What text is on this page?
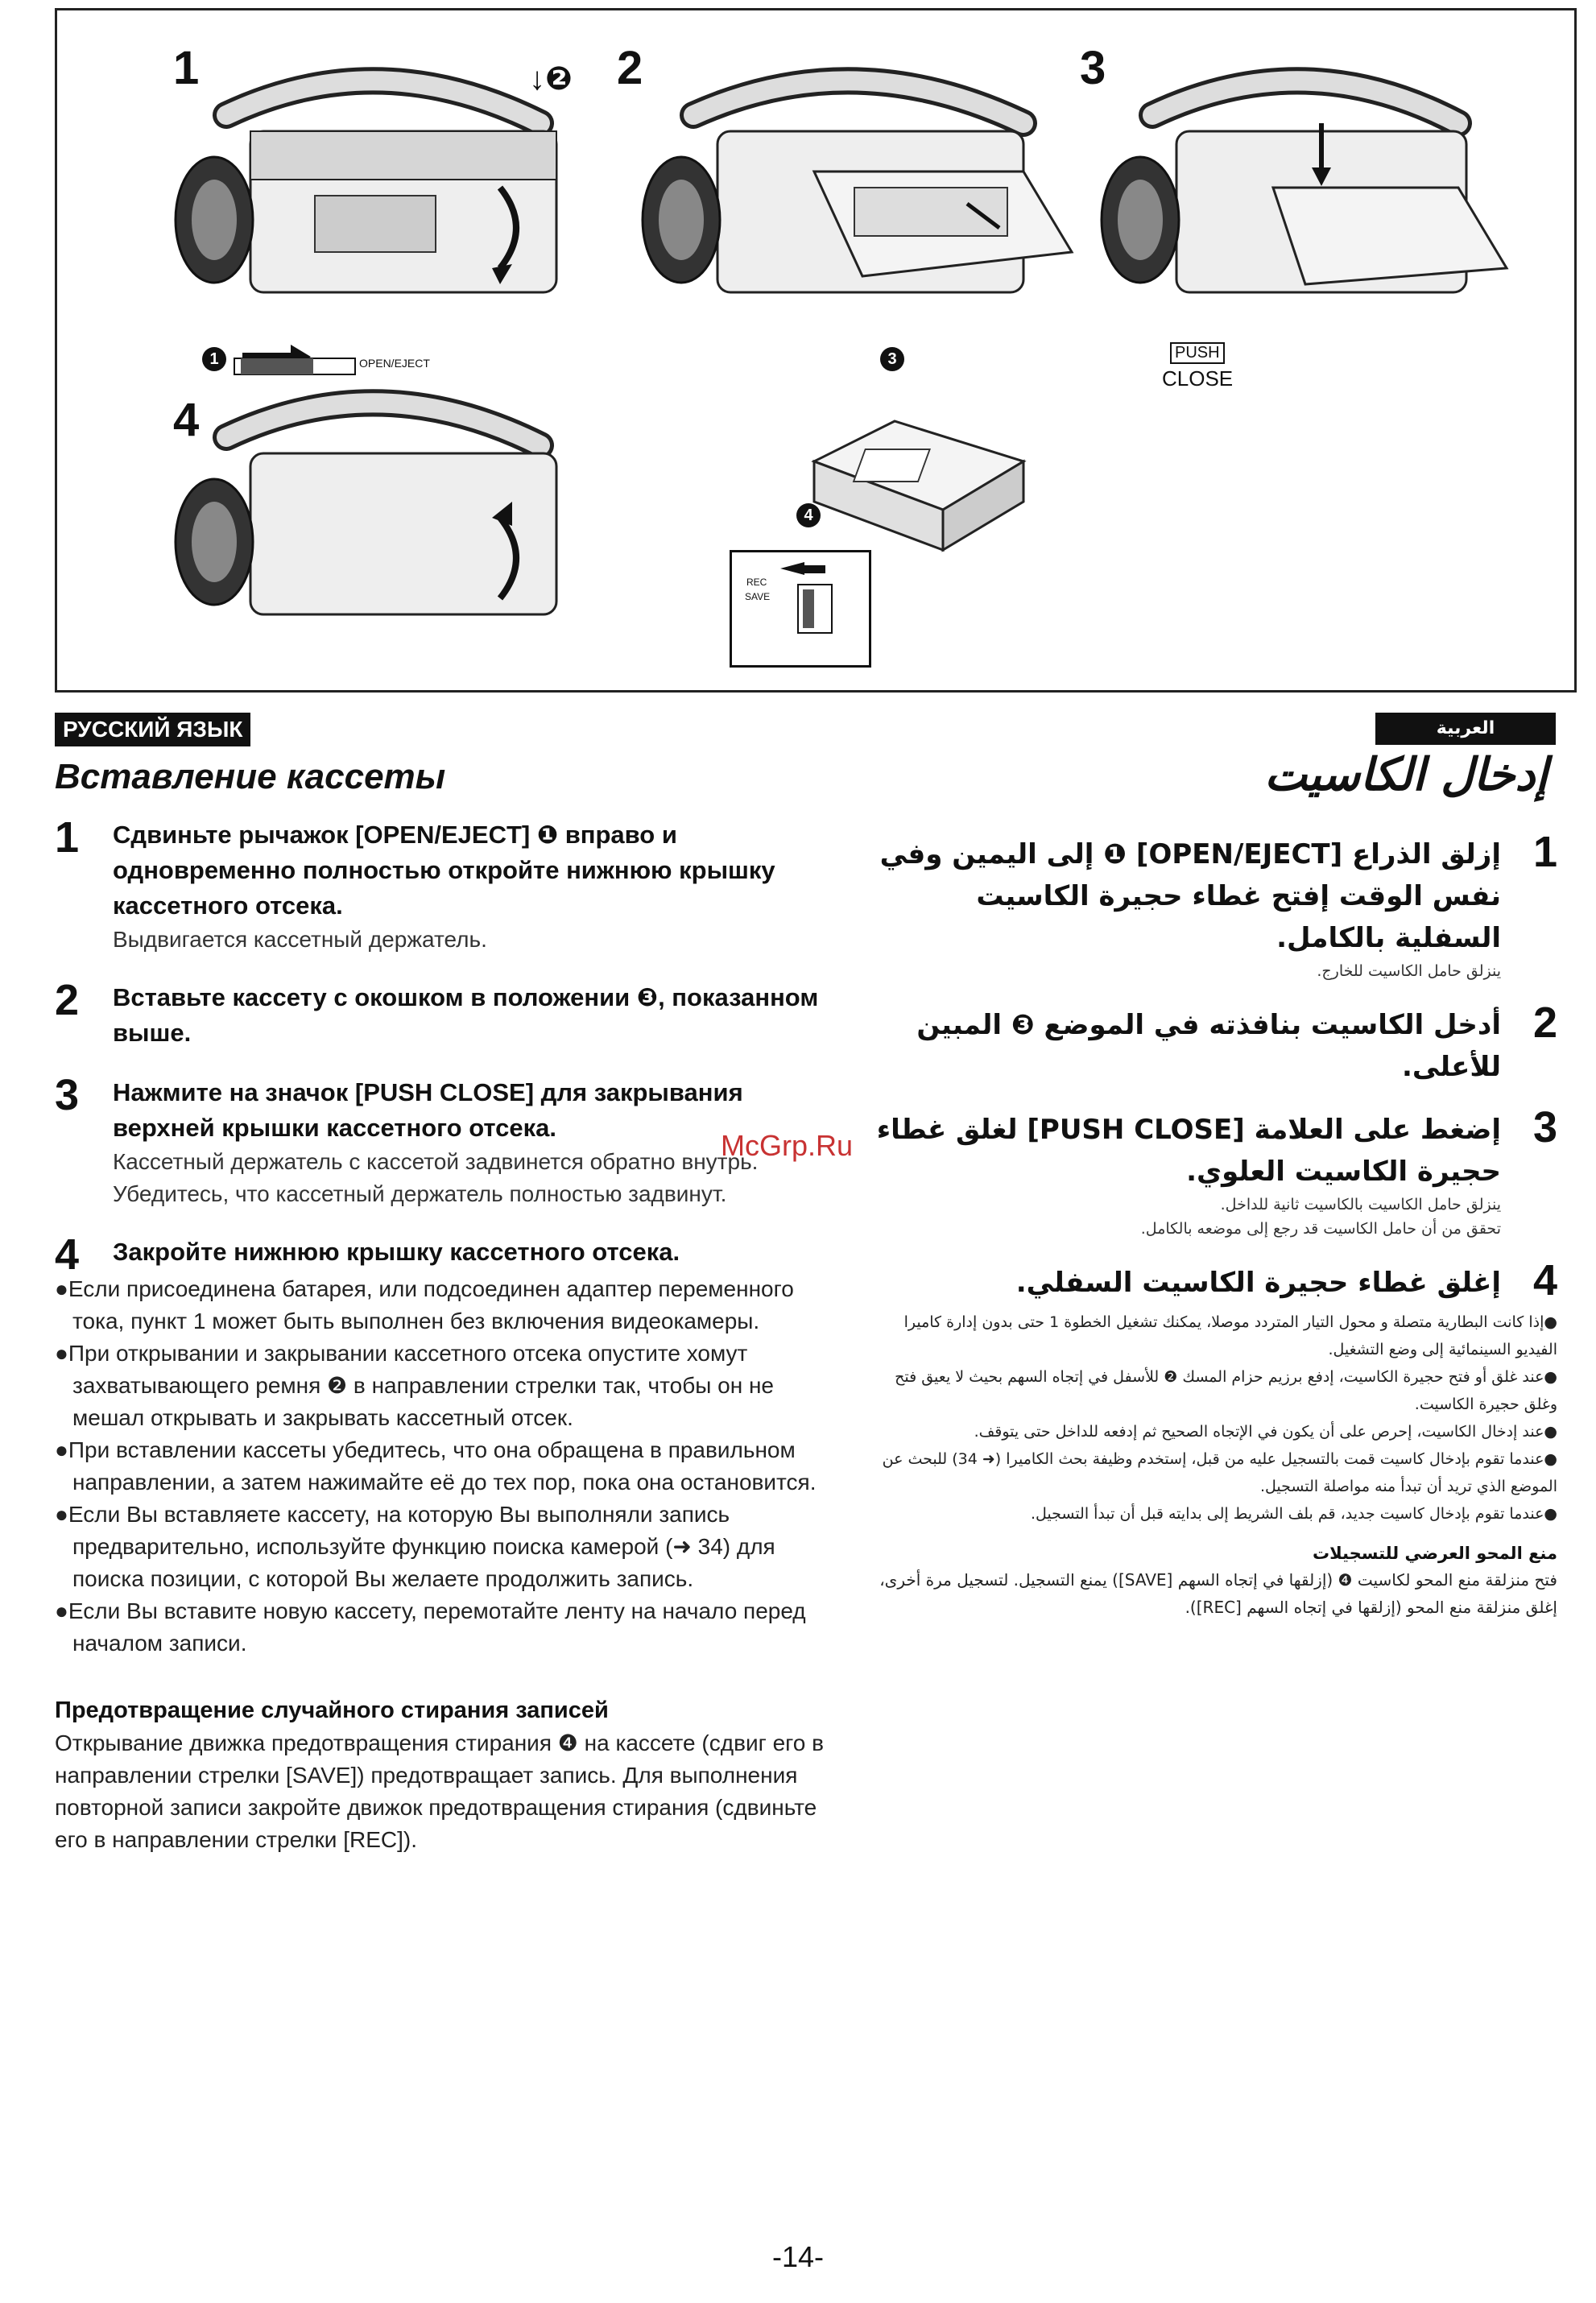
1	2	3
4
↓❷
1	OPEN/EJECT	3	PUSH
CLOSE
4
REC
SAVE
РУССКИЙ ЯЗЫК	العربية
Вставление кассеты	إدخال الكاسيت
1 Сдвиньте рычажок [OPEN/EJECT] ❶ вправо и одновременно полностью откройте нижнюю крышку кассетного отсека.
Выдвигается кассетный держатель.
2 Вставьте кассету с окошком в положении ❸, показанном выше.
3 Нажмите на значок [PUSH CLOSE] для закрывания верхней крышки кассетного отсека.
Кассетный держатель с кассетой задвинется обратно внутрь.
Убедитесь, что кассетный держатель полностью задвинут.
4 Закройте нижнюю крышку кассетного отсека.
●Если присоединена батарея, или подсоединен адаптер переменного тока, пункт 1 может быть выполнен без включения видеокамеры.
●При открывании и закрывании кассетного отсека опустите хомут захватывающего ремня ❷ в направлении стрелки так, чтобы он не мешал открывать и закрывать кассетный отсек.
●При вставлении кассеты убедитесь, что она обращена в правильном направлении, а затем нажимайте её до тех пор, пока она остановится.
●Если Вы вставляете кассету, на которую Вы выполняли запись предварительно, используйте функцию поиска камерой (➜ 34) для поиска позиции, с которой Вы желаете продолжить запись.
●Если Вы вставите новую кассету, перемотайте ленту на начало перед началом записи.
Предотвращение случайного стирания записей
Открывание движка предотвращения стирания ❹ на кассете (сдвиг его в направлении стрелки [SAVE]) предотвращает запись. Для выполнения повторной записи закройте движок предотвращения стирания (сдвиньте его в направлении стрелки [REC]).
McGrp.Ru
1
إزلق الذراع [OPEN/EJECT] ❶ إلى اليمين وفي نفس الوقت إفتح غطاء حجيرة الكاسيت السفلية بالكامل.
ينزلق حامل الكاسيت للخارج.
2
أدخل الكاسيت بنافذته في الموضع ❸ المبين للأعلى.
3
إضغط على العلامة [PUSH CLOSE] لغلق غطاء حجيرة الكاسيت العلوي.
ينزلق حامل الكاسيت بالكاسيت ثانية للداخل.
تحقق من أن حامل الكاسيت قد رجع إلى موضعه بالكامل.
4
إغلق غطاء حجيرة الكاسيت السفلي.
●إذا كانت البطارية متصلة و محول التيار المتردد موصلا، يمكنك تشغيل الخطوة 1 حتى بدون إدارة كاميرا الفيديو السينمائية إلى وضع التشغيل.
●عند غلق أو فتح حجيرة الكاسيت، إدفع برزيم حزام المسك ❷ للأسفل في إتجاه السهم بحيث لا يعيق فتح وغلق حجيرة الكاسيت.
●عند إدخال الكاسيت، إحرص على أن يكون في الإتجاه الصحيح ثم إدفعه للداخل حتى يتوقف.
●عندما تقوم بإدخال كاسيت قمت بالتسجيل عليه من قبل، إستخدم وظيفة بحث الكاميرا (➜ 34) للبحث عن الموضع الذي تريد أن تبدأ منه مواصلة التسجيل.
●عندما تقوم بإدخال كاسيت جديد، قم بلف الشريط إلى بدايته قبل أن تبدأ التسجيل.
منع المحو العرضي للتسجيلات
فتح منزلقة منع المحو لكاسيت ❹ (إزلقها في إتجاه السهم [SAVE]) يمنع التسجيل. لتسجيل مرة أخرى، إغلق منزلقة منع المحو (إزلقها في إتجاه السهم [REC]).
-14-
